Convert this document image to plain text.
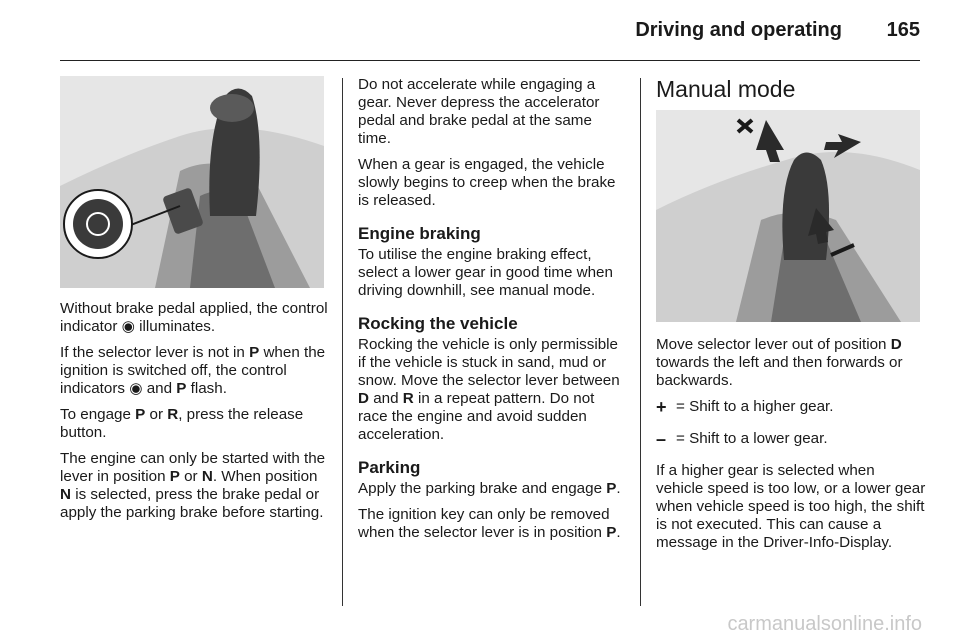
Driving and operating 165

Without brake pedal applied, the control indicator ◉ illuminates.

If the selector lever is not in P when the ignition is switched off, the control indicators ◉ and P flash.

To engage P or R, press the release button.

The engine can only be started with the lever in position P or N. When position N is selected, press the brake pedal or apply the parking brake before starting.

Do not accelerate while engaging a gear. Never depress the accelerator pedal and brake pedal at the same time.

When a gear is engaged, the vehicle slowly begins to creep when the brake is released.

Engine braking

To utilise the engine braking effect, select a lower gear in good time when driving downhill, see manual mode.

Rocking the vehicle

Rocking the vehicle is only permissible if the vehicle is stuck in sand, mud or snow. Move the selector lever between D and R in a repeat pattern. Do not race the engine and avoid sudden acceleration.

Parking

Apply the parking brake and engage P.

The ignition key can only be removed when the selector lever is in position P.

Manual mode

Move selector lever out of position D towards the left and then forwards or backwards.

+ = Shift to a higher gear.
– = Shift to a lower gear.

If a higher gear is selected when vehicle speed is too low, or a lower gear when vehicle speed is too high, the shift is not executed. This can cause a message in the Driver-Info-Display.

carmanualsonline.info
